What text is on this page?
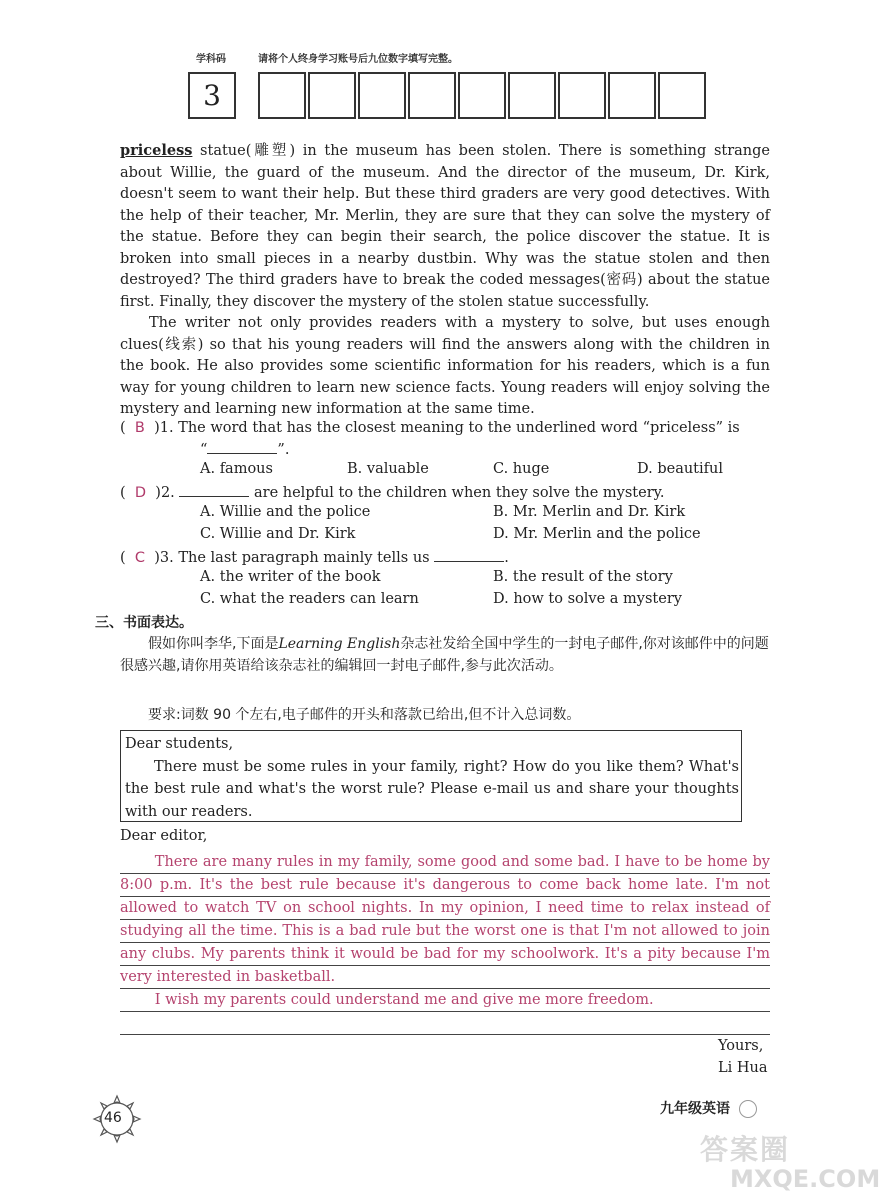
学科码	请将个人终身学习账号后九位数字填写完整。
3

priceless statue(雕塑) in the museum has been stolen. There is something strange about Willie, the guard of the museum. And the director of the museum, Dr. Kirk, doesn't seem to want their help. But these third graders are very good detectives. With the help of their teacher, Mr. Merlin, they are sure that they can solve the mystery of the statue. Before they can begin their search, the police discover the statue. It is broken into small pieces in a nearby dustbin. Why was the statue stolen and then destroyed? The third graders have to break the coded messages(密码) about the statue first. Finally, they discover the mystery of the stolen statue successfully.

The writer not only provides readers with a mystery to solve, but uses enough clues(线索) so that his young readers will find the answers along with the children in the book. He also provides some scientific information for his readers, which is a fun way for young children to learn new science facts. Young readers will enjoy solving the mystery and learning new information at the same time.

(  B )1. The word that has the closest meaning to the underlined word “priceless” is
“	”.
A. famous	B. valuable	C. huge	D. beautiful
(  D )2.	are helpful to the children when they solve the mystery.
A. Willie and the police	B. Mr. Merlin and Dr. Kirk
C. Willie and Dr. Kirk	D. Mr. Merlin and the police
(  C )3. The last paragraph mainly tells us	.
A. the writer of the book	B. the result of the story
C. what the readers can learn	D. how to solve a mystery
三、书面表达。
假如你叫李华,下面是Learning English杂志社发给全国中学生的一封电子邮件,你对该邮件中的问题很感兴趣,请你用英语给该杂志社的编辑回一封电子邮件,参与此次活动。
要求:词数 90 个左右,电子邮件的开头和落款已给出,但不计入总词数。
Dear students,
There must be some rules in your family, right? How do you like them? What's the best rule and what's the worst rule? Please e-mail us and share your thoughts with our readers.
Dear editor,

There are many rules in my family, some good and some bad. I have to be home by 8:00 p.m. It's the best rule because it's dangerous to come back home late. I'm not allowed to watch TV on school nights. In my opinion, I need time to relax instead of studying all the time. This is a bad rule but the worst one is that I'm not allowed to join any clubs. My parents think it would be bad for my schoolwork. It's a pity because I'm very interested in basketball.

I wish my parents could understand me and give me more freedom.

Yours,
Li Hua
46
九年级英语
答案圈
MXQE.COM
